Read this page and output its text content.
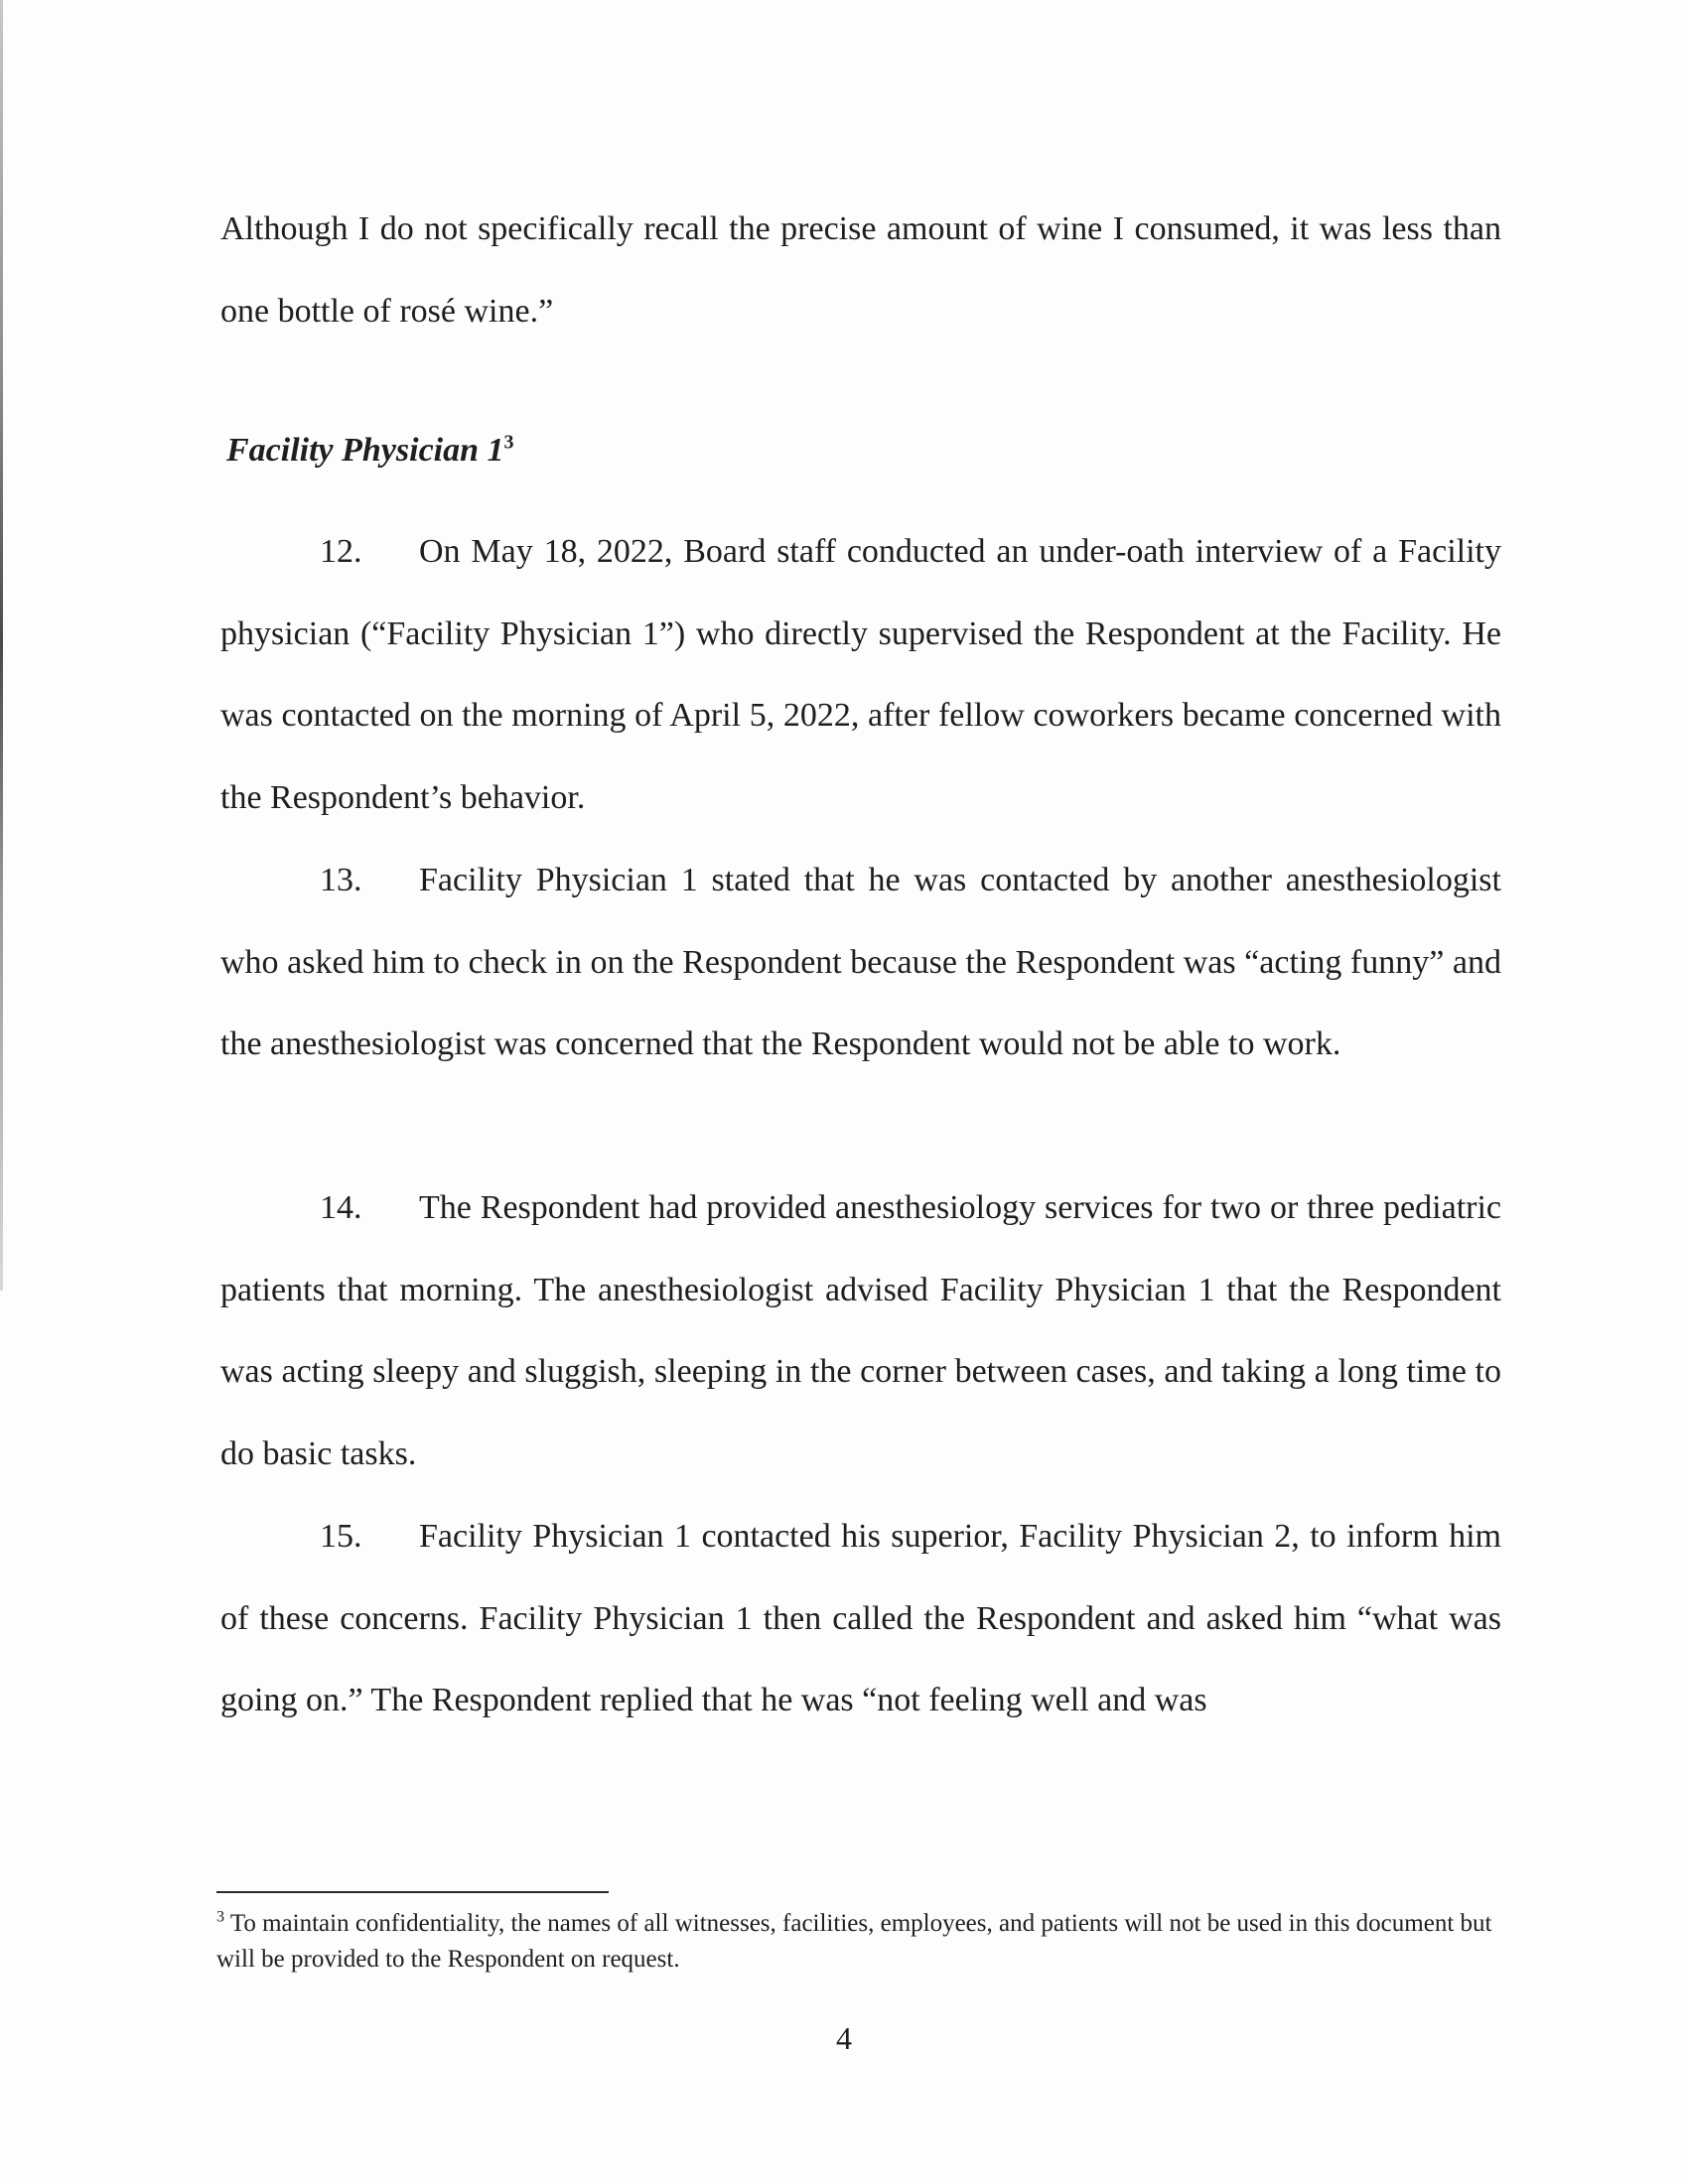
Although I do not specifically recall the precise amount of wine I consumed, it was less than one bottle of rosé wine.”

Facility Physician $1^3$

12. On May 18, 2022, Board staff conducted an under-oath interview of a Facility physician (“Facility Physician 1”) who directly supervised the Respondent at the Facility. He was contacted on the morning of April 5, 2022, after fellow coworkers became concerned with the Respondent’s behavior.

13. Facility Physician 1 stated that he was contacted by another anesthesiologist who asked him to check in on the Respondent because the Respondent was “acting funny” and the anesthesiologist was concerned that the Respondent would not be able to work.

14. The Respondent had provided anesthesiology services for two or three pediatric patients that morning. The anesthesiologist advised Facility Physician 1 that the Respondent was acting sleepy and sluggish, sleeping in the corner between cases, and taking a long time to do basic tasks.

15. Facility Physician 1 contacted his superior, Facility Physician 2, to inform him of these concerns. Facility Physician 1 then called the Respondent and asked him “what was going on.” The Respondent replied that he was “not feeling well and was

$^3$ To maintain confidentiality, the names of all witnesses, facilities, employees, and patients will not be used in this document but will be provided to the Respondent on request.

4
